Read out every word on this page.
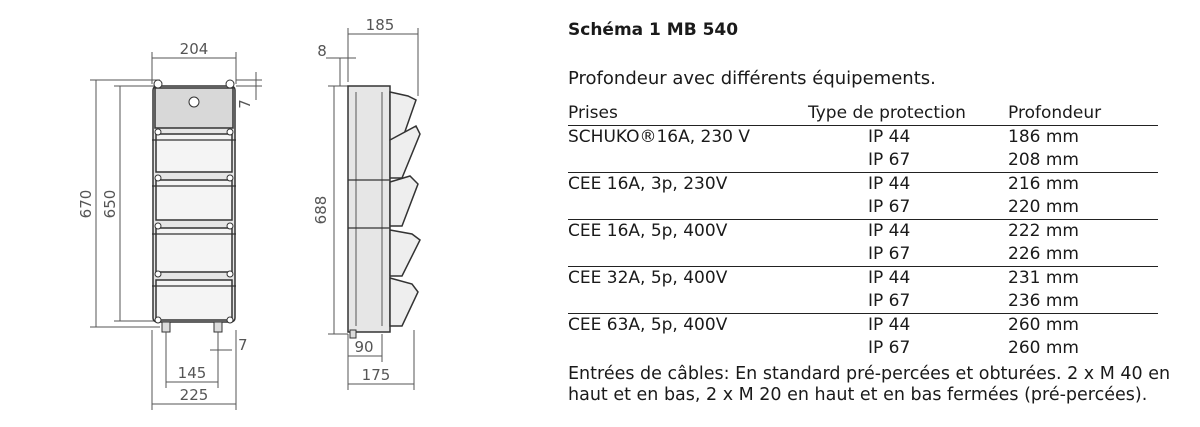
204
670 650
7
7
145
225
185
8
688
90
175
Schéma 1 MB 540
Profondeur avec différents équipements.
Prises	Type de protection	Profondeur
SCHUKO®16A, 230 V	IP 44	186 mm
	IP 67	208 mm
CEE 16A, 3p, 230V	IP 44	216 mm
	IP 67	220 mm
CEE 16A, 5p, 400V	IP 44	222 mm
	IP 67	226 mm
CEE 32A, 5p, 400V	IP 44	231 mm
	IP 67	236 mm
CEE 63A, 5p, 400V	IP 44	260 mm
	IP 67	260 mm
Entrées de câbles: En standard pré-percées et obturées. 2 x M 40 en haut et en bas, 2 x M 20 en haut et en bas fermées (pré-percées).
